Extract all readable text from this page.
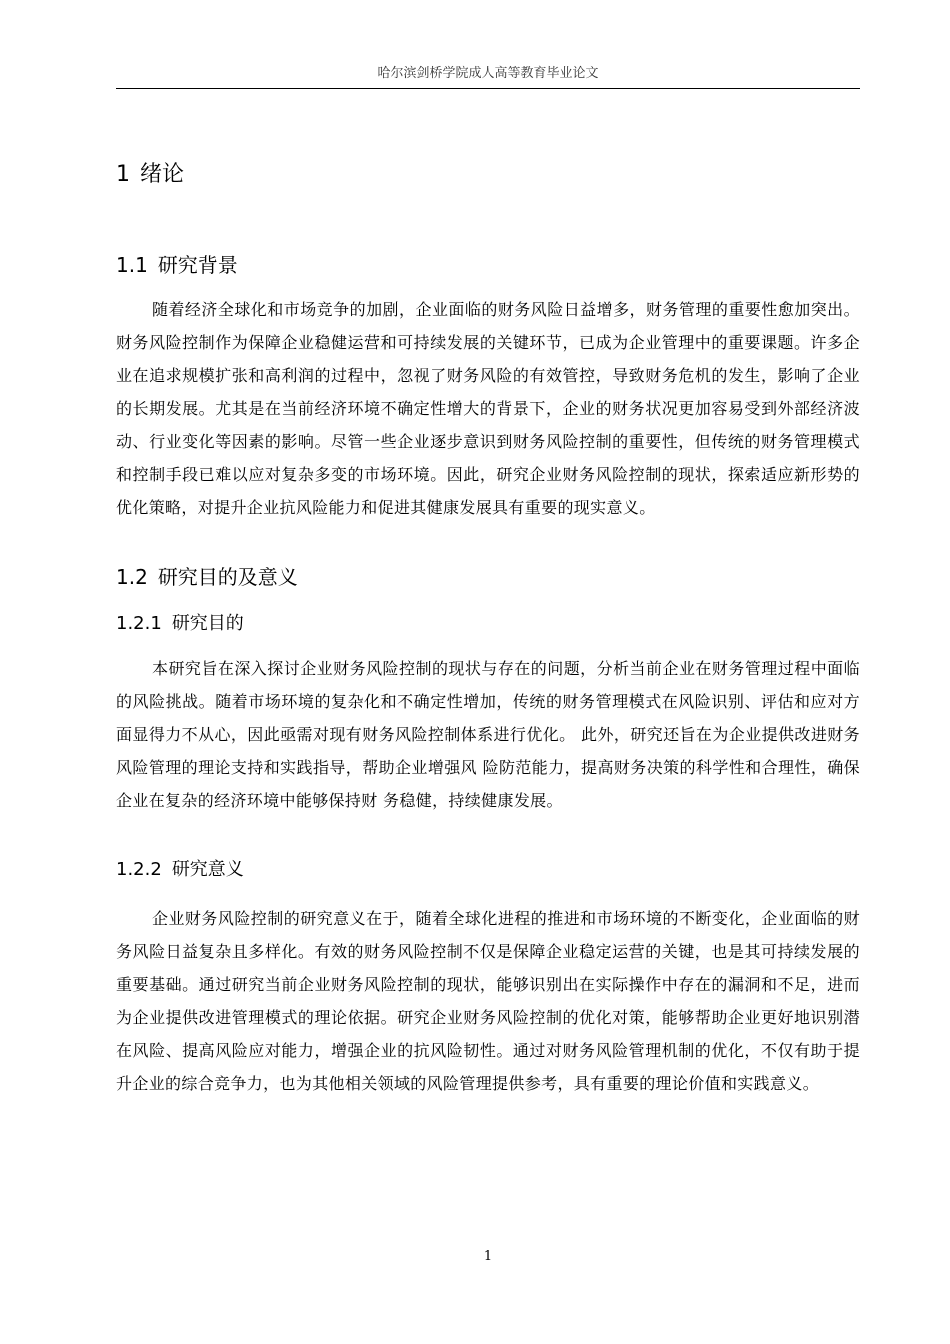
哈尔滨剑桥学院成人高等教育毕业论文
1 绪论
1.1 研究背景

随着经济全球化和市场竞争的加剧，企业面临的财务风险日益增多，财务管理的重要性愈加突出。财务风险控制作为保障企业稳健运营和可持续发展的关键环节，已成为企业管理中的重要课题。许多企业在追求规模扩张和高利润的过程中，忽视了财务风险的有效管控，导致财务危机的发生，影响了企业的长期发展。尤其是在当前经济环境不确定性增大的背景下，企业的财务状况更加容易受到外部经济波动、行业变化等因素的影响。尽管一些企业逐步意识到财务风险控制的重要性，但传统的财务管理模式和控制手段已难以应对复杂多变的市场环境。因此，研究企业财务风险控制的现状，探索适应新形势的优化策略，对提升企业抗风险能力和促进其健康发展具有重要的现实意义。

1.2 研究目的及意义
1.2.1 研究目的

本研究旨在深入探讨企业财务风险控制的现状与存在的问题，分析当前企业在财务管理过程中面临的风险挑战。随着市场环境的复杂化和不确定性增加，传统的财务管理模式在风险识别、评估和应对方面显得力不从心，因此亟需对现有财务风险控制体系进行优化。 此外，研究还旨在为企业提供改进财务风险管理的理论支持和实践指导，帮助企业增强风 险防范能力，提高财务决策的科学性和合理性，确保企业在复杂的经济环境中能够保持财 务稳健，持续健康发展。

1.2.2 研究意义

企业财务风险控制的研究意义在于，随着全球化进程的推进和市场环境的不断变化，企业面临的财务风险日益复杂且多样化。有效的财务风险控制不仅是保障企业稳定运营的关键，也是其可持续发展的重要基础。通过研究当前企业财务风险控制的现状，能够识别出在实际操作中存在的漏洞和不足，进而为企业提供改进管理模式的理论依据。研究企业财务风险控制的优化对策，能够帮助企业更好地识别潜在风险、提高风险应对能力，增强企业的抗风险韧性。通过对财务风险管理机制的优化，不仅有助于提升企业的综合竞争力，也为其他相关领域的风险管理提供参考，具有重要的理论价值和实践意义。

1
